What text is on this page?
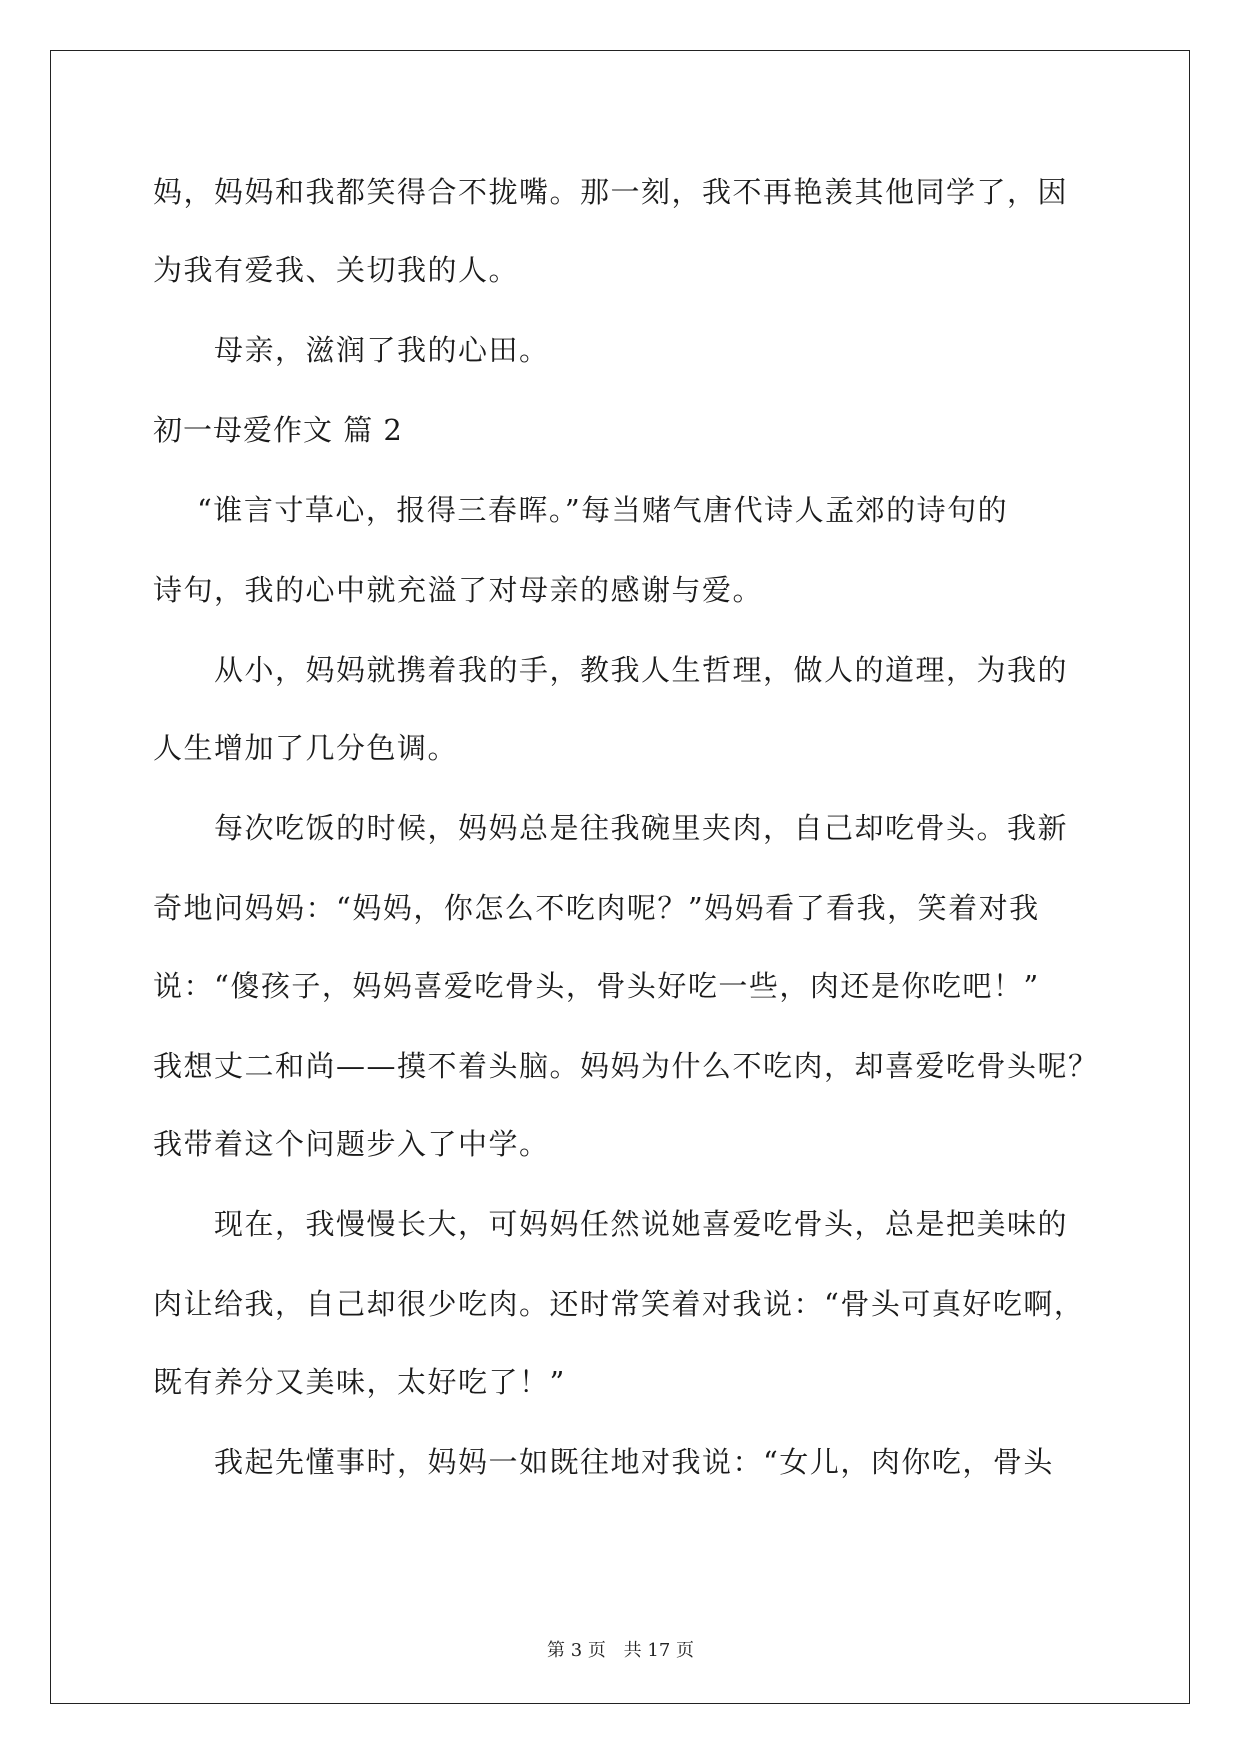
妈，妈妈和我都笑得合不拢嘴。那一刻，我不再艳羡其他同学了，因
为我有爱我、关切我的人。
母亲，滋润了我的心田。
初一母爱作文 篇 2
“谁言寸草心，报得三春晖。”每当赌气唐代诗人孟郊的诗句的
诗句，我的心中就充溢了对母亲的感谢与爱。
从小，妈妈就携着我的手，教我人生哲理，做人的道理，为我的
人生增加了几分色调。
每次吃饭的时候，妈妈总是往我碗里夹肉，自己却吃骨头。我新
奇地问妈妈：“妈妈，你怎么不吃肉呢？”妈妈看了看我，笑着对我
说：“傻孩子，妈妈喜爱吃骨头，骨头好吃一些，肉还是你吃吧！”
我想丈二和尚——摸不着头脑。妈妈为什么不吃肉，却喜爱吃骨头呢？
我带着这个问题步入了中学。
现在，我慢慢长大，可妈妈任然说她喜爱吃骨头，总是把美味的
肉让给我，自己却很少吃肉。还时常笑着对我说：“骨头可真好吃啊，
既有养分又美味，太好吃了！”
我起先懂事时，妈妈一如既往地对我说：“女儿，肉你吃，骨头
第 3 页 共 17 页
